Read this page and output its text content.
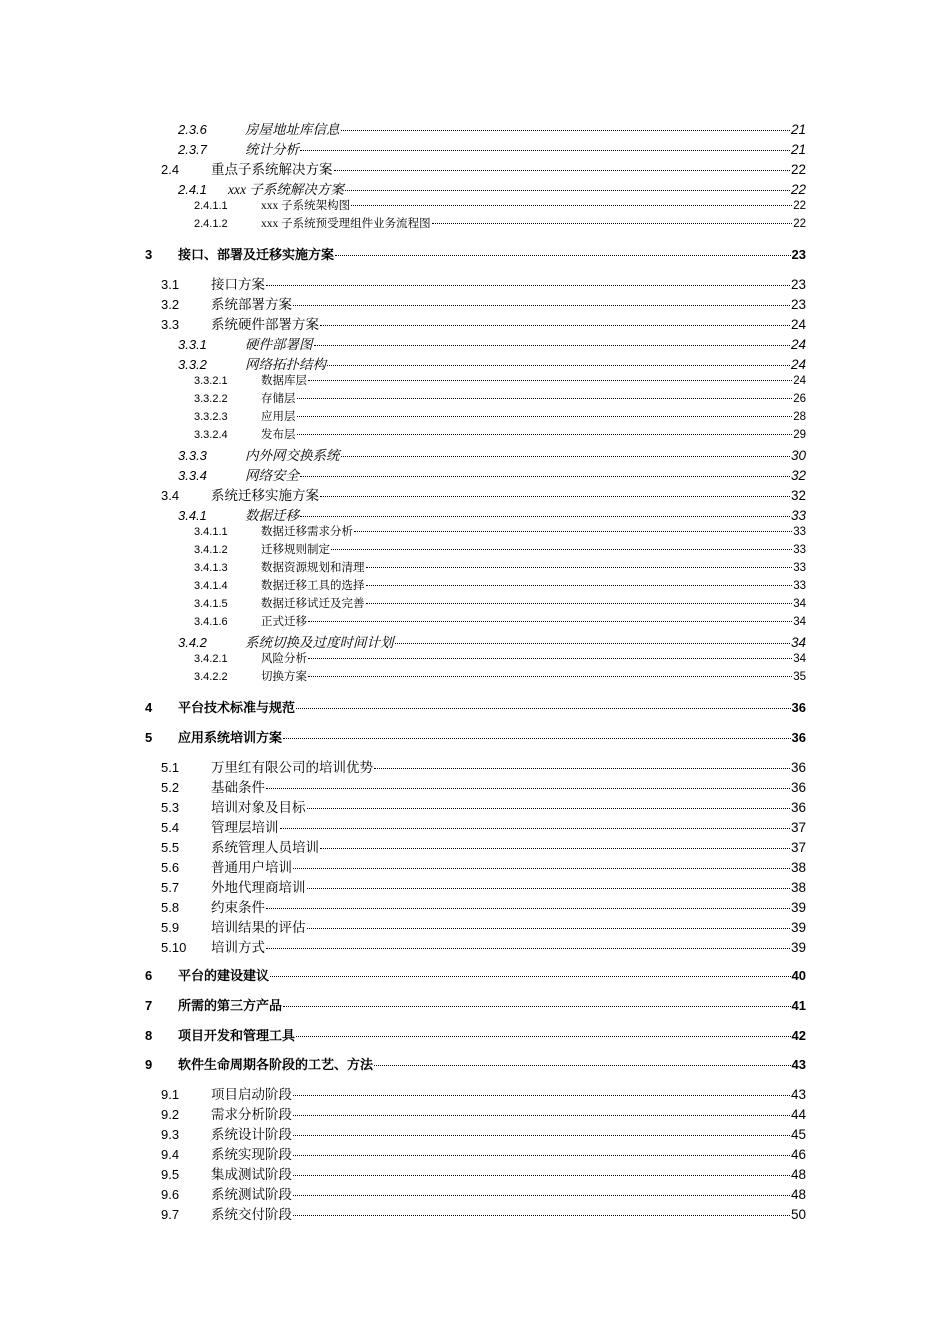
2.3.6	房屋地址库信息	21
2.3.7	统计分析	21
2.4	重点子系统解决方案	22
2.4.1	xxx 子系统解决方案	22
2.4.1.1	xxx 子系统架构图	22
2.4.1.2	xxx 子系统预受理组件业务流程图	22
3	接口、部署及迁移实施方案	23
3.1	接口方案	23
3.2	系统部署方案	23
3.3	系统硬件部署方案	24
3.3.1	硬件部署图	24
3.3.2	网络拓扑结构	24
3.3.2.1	数据库层	24
3.3.2.2	存储层	26
3.3.2.3	应用层	28
3.3.2.4	发布层	29
3.3.3	内外网交换系统	30
3.3.4	网络安全	32
3.4	系统迁移实施方案	32
3.4.1	数据迁移	33
3.4.1.1	数据迁移需求分析	33
3.4.1.2	迁移规则制定	33
3.4.1.3	数据资源规划和清理	33
3.4.1.4	数据迁移工具的选择	33
3.4.1.5	数据迁移试迁及完善	34
3.4.1.6	正式迁移	34
3.4.2	系统切换及过度时间计划	34
3.4.2.1	风险分析	34
3.4.2.2	切换方案	35
4	平台技术标准与规范	36
5	应用系统培训方案	36
5.1	万里红有限公司的培训优势	36
5.2	基础条件	36
5.3	培训对象及目标	36
5.4	管理层培训	37
5.5	系统管理人员培训	37
5.6	普通用户培训	38
5.7	外地代理商培训	38
5.8	约束条件	39
5.9	培训结果的评估	39
5.10	培训方式	39
6	平台的建设建议	40
7	所需的第三方产品	41
8	项目开发和管理工具	42
9	软件生命周期各阶段的工艺、方法	43
9.1	项目启动阶段	43
9.2	需求分析阶段	44
9.3	系统设计阶段	45
9.4	系统实现阶段	46
9.5	集成测试阶段	48
9.6	系统测试阶段	48
9.7	系统交付阶段	50
